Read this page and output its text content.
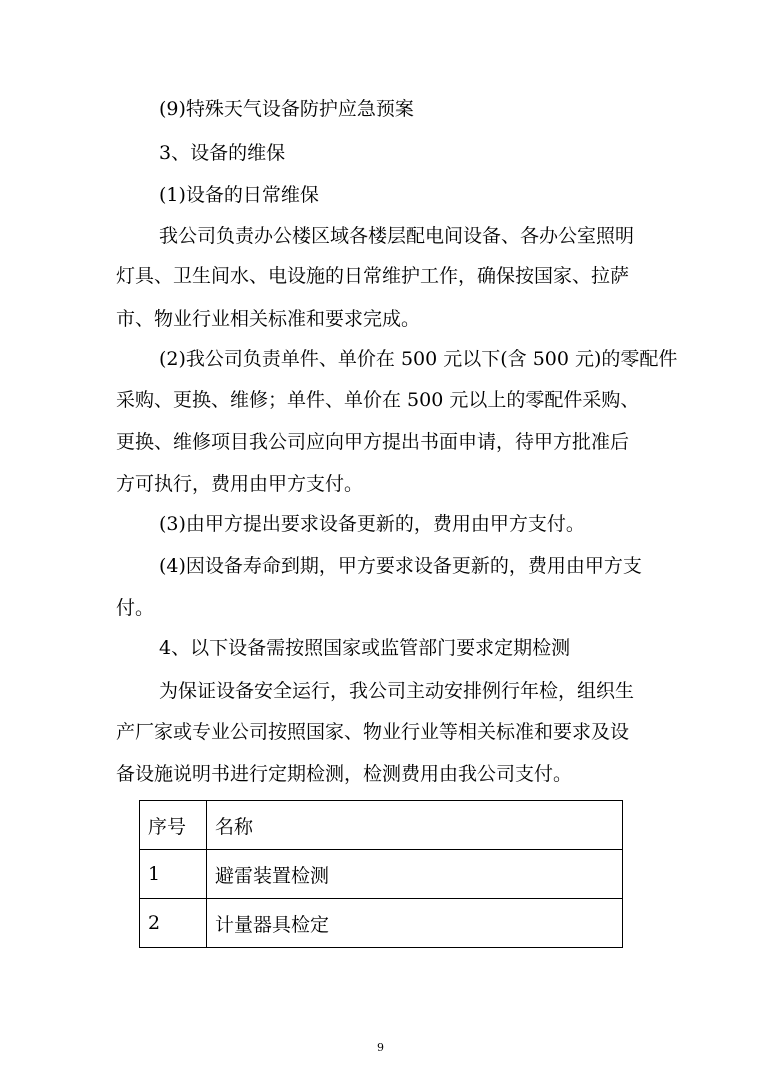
(9)特殊天气设备防护应急预案
3、设备的维保
(1)设备的日常维保
我公司负责办公楼区域各楼层配电间设备、各办公室照明
灯具、卫生间水、电设施的日常维护工作，确保按国家、拉萨
市、物业行业相关标准和要求完成。
(2)我公司负责单件、单价在 500 元以下(含 500 元)的零配件
采购、更换、维修；单件、单价在 500 元以上的零配件采购、
更换、维修项目我公司应向甲方提出书面申请，待甲方批准后
方可执行，费用由甲方支付。
(3)由甲方提出要求设备更新的，费用由甲方支付。
(4)因设备寿命到期，甲方要求设备更新的，费用由甲方支
付。
4、以下设备需按照国家或监管部门要求定期检测
为保证设备安全运行，我公司主动安排例行年检，组织生
产厂家或专业公司按照国家、物业行业等相关标准和要求及设
备设施说明书进行定期检测，检测费用由我公司支付。
序号	名称
1	避雷装置检测
2	计量器具检定
9
